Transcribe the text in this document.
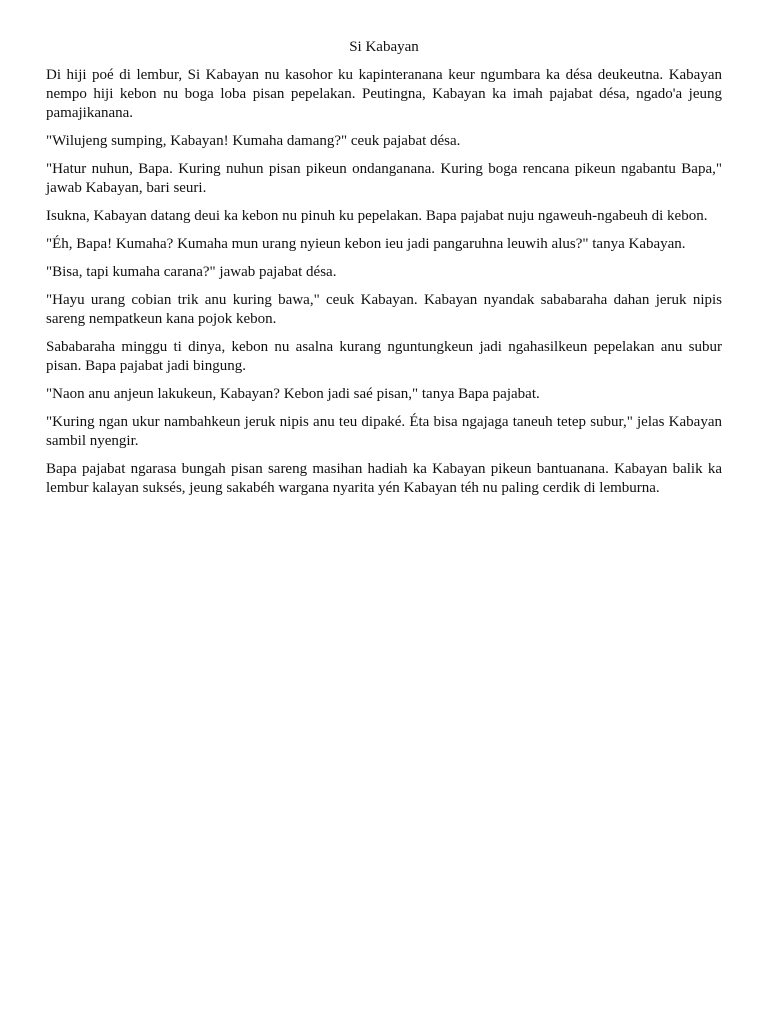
Si Kabayan

Di hiji poé di lembur, Si Kabayan nu kasohor ku kapinteranana keur ngumbara ka désa deukeutna. Kabayan nempo hiji kebon nu boga loba pisan pepelakan. Peutingna, Kabayan ka imah pajabat désa, ngado'a jeung pamajikanana.

"Wilujeng sumping, Kabayan! Kumaha damang?" ceuk pajabat désa.

"Hatur nuhun, Bapa. Kuring nuhun pisan pikeun ondanganana. Kuring boga rencana pikeun ngabantu Bapa," jawab Kabayan, bari seuri.

Isukna, Kabayan datang deui ka kebon nu pinuh ku pepelakan. Bapa pajabat nuju ngaweuh-ngabeuh di kebon.

"Éh, Bapa! Kumaha? Kumaha mun urang nyieun kebon ieu jadi pangaruhna leuwih alus?" tanya Kabayan.

"Bisa, tapi kumaha carana?" jawab pajabat désa.

"Hayu urang cobian trik anu kuring bawa," ceuk Kabayan. Kabayan nyandak sababaraha dahan jeruk nipis sareng nempatkeun kana pojok kebon.

Sababaraha minggu ti dinya, kebon nu asalna kurang nguntungkeun jadi ngahasilkeun pepelakan anu subur pisan. Bapa pajabat jadi bingung.

"Naon anu anjeun lakukeun, Kabayan? Kebon jadi saé pisan," tanya Bapa pajabat.

"Kuring ngan ukur nambahkeun jeruk nipis anu teu dipaké. Éta bisa ngajaga taneuh tetep subur," jelas Kabayan sambil nyengir.

Bapa pajabat ngarasa bungah pisan sareng masihan hadiah ka Kabayan pikeun bantuanana. Kabayan balik ka lembur kalayan suksés, jeung sakabéh wargana nyarita yén Kabayan téh nu paling cerdik di lemburna.
